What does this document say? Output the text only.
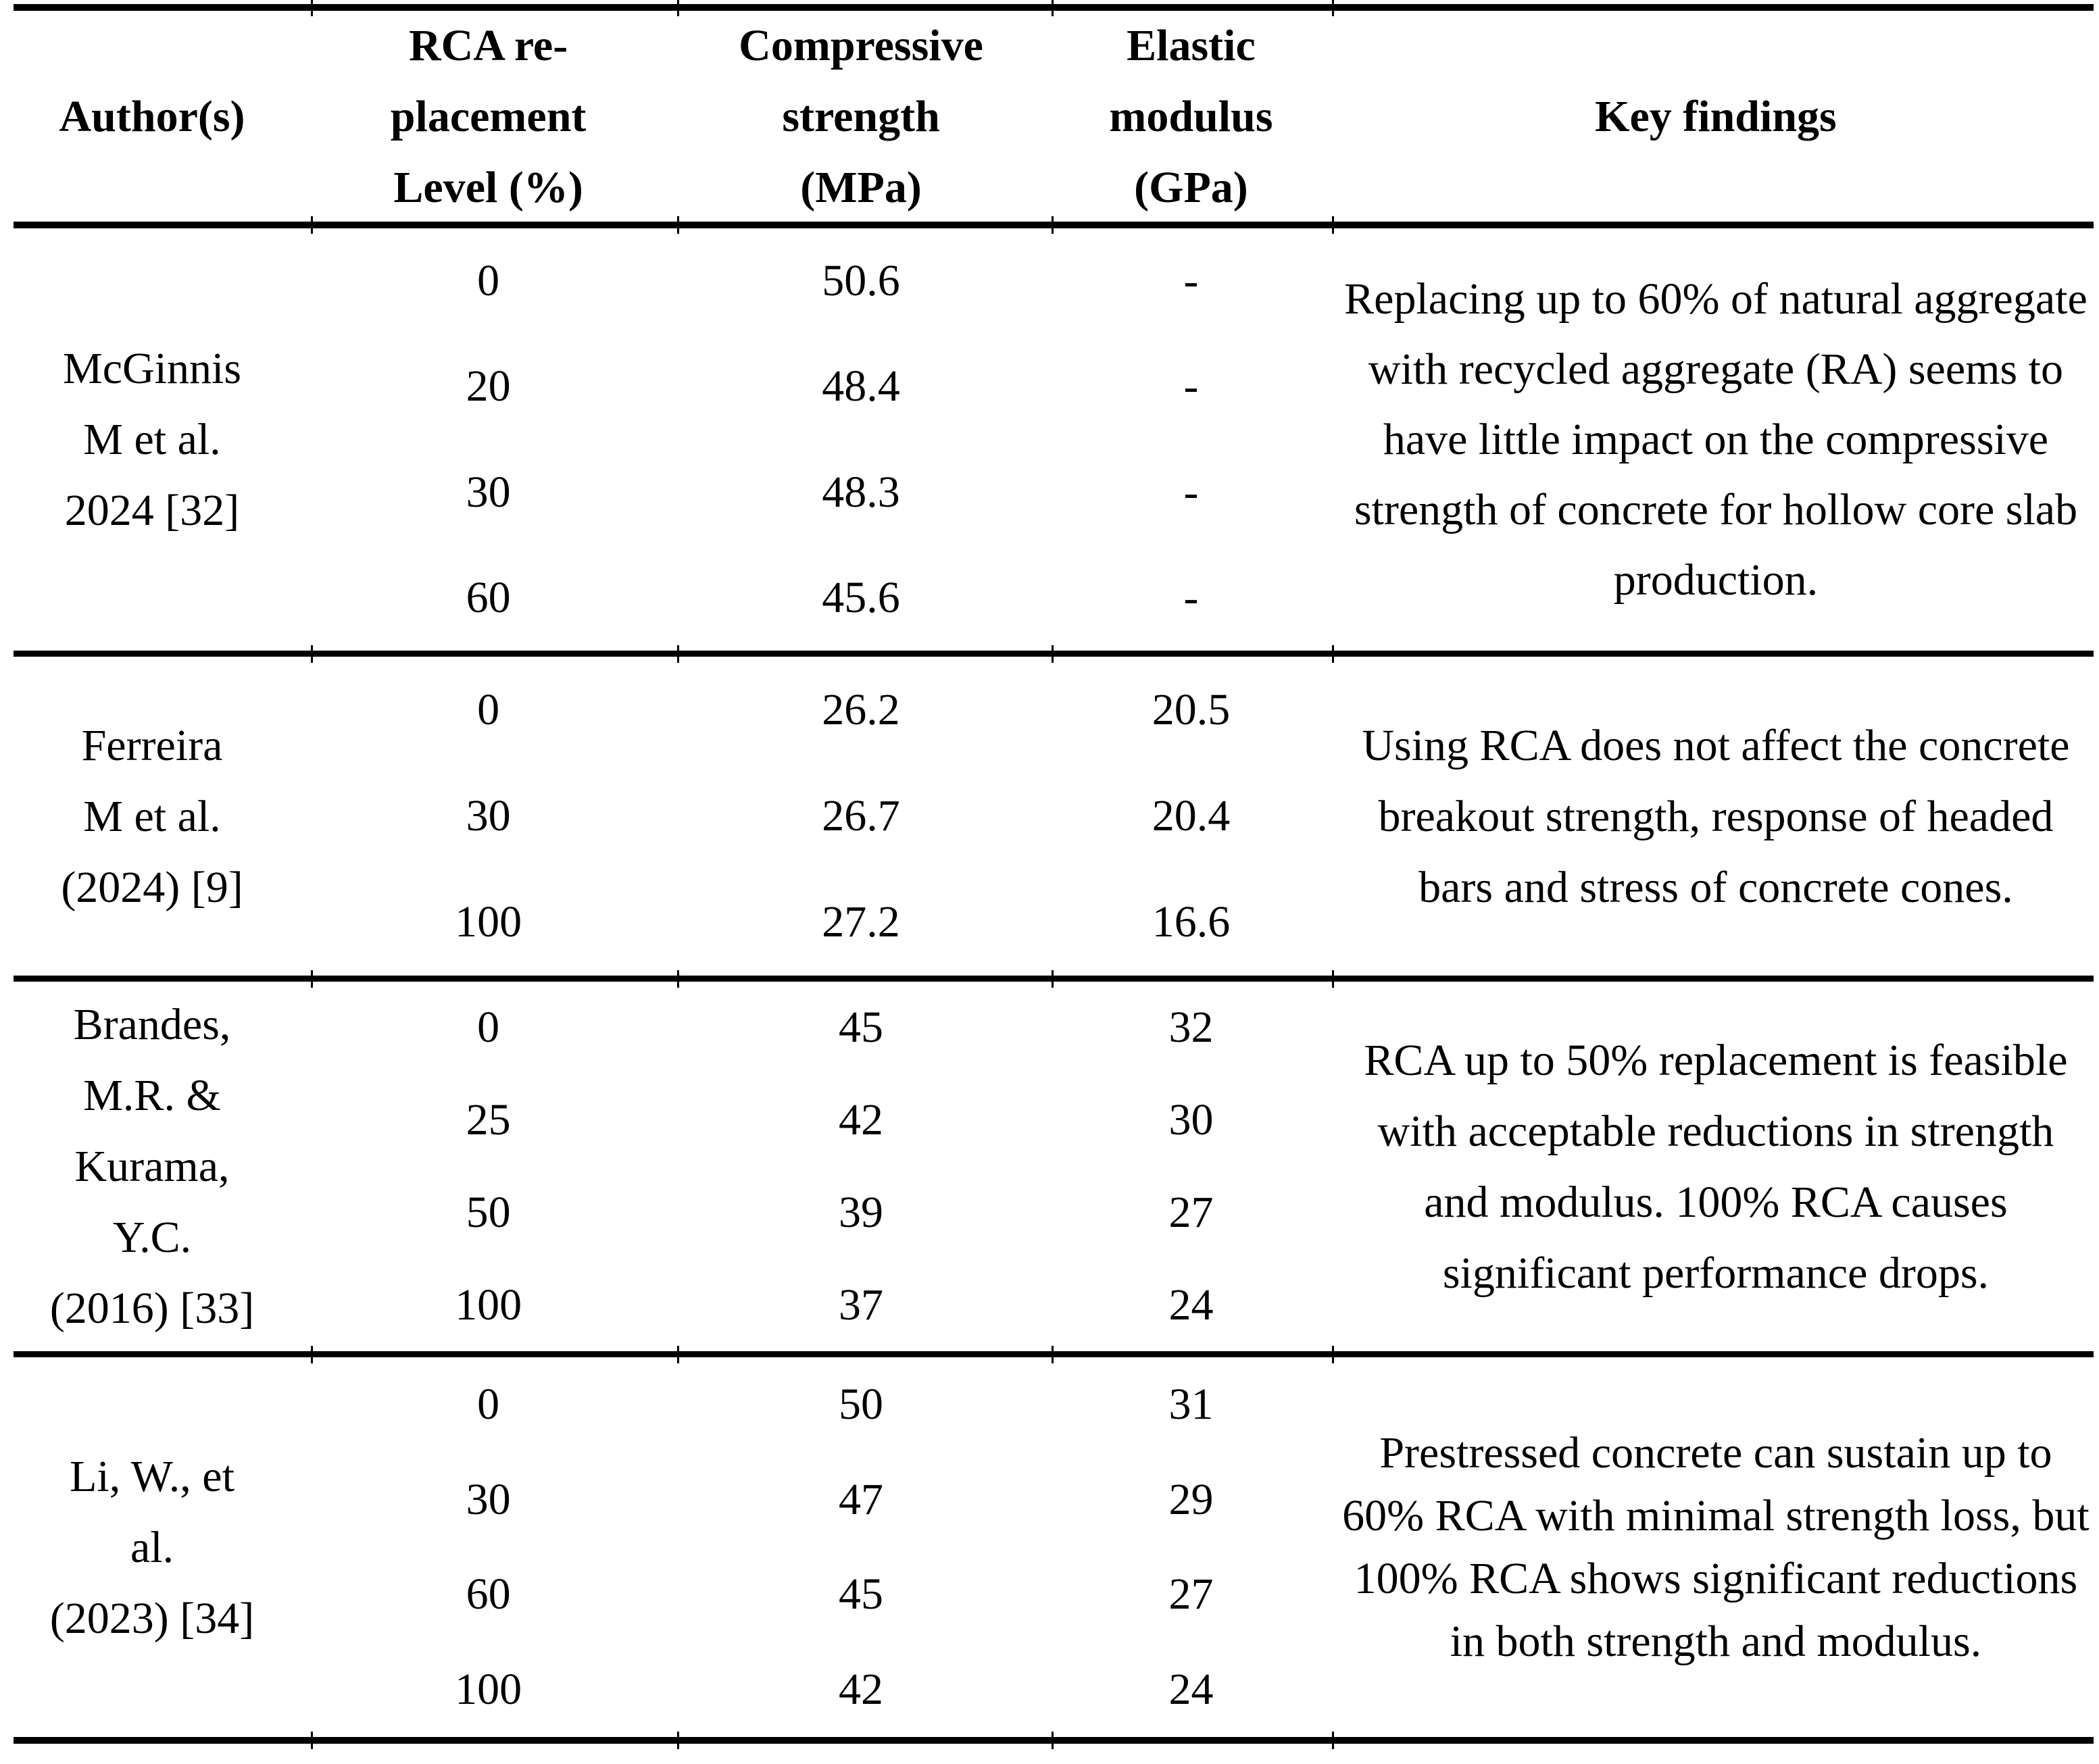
Author(s)
RCA re-
placement
Level (%)
Compressive
strength
(MPa)
Elastic
modulus
(GPa)
Key findings
McGinnis
M et al.
2024 [32]
0
20
30
60
50.6
48.4
48.3
45.6
-
-
-
-
Replacing up to 60% of natural aggregate with recycled aggregate (RA) seems to have little impact on the compressive strength of concrete for hollow core slab production.
Ferreira
M et al.
(2024) [9]
0
30
100
26.2
26.7
27.2
20.5
20.4
16.6
Using RCA does not affect the concrete breakout strength, response of headed bars and stress of concrete cones.
Brandes,
M.R. &
Kurama,
Y.C.
(2016) [33]
0
25
50
100
45
42
39
37
32
30
27
24
RCA up to 50% replacement is feasible with acceptable reductions in strength and modulus. 100% RCA causes significant performance drops.
Li, W., et
al.
(2023) [34]
0
30
60
100
50
47
45
42
31
29
27
24
Prestressed concrete can sustain up to 60% RCA with minimal strength loss, but 100% RCA shows significant reductions in both strength and modulus.
